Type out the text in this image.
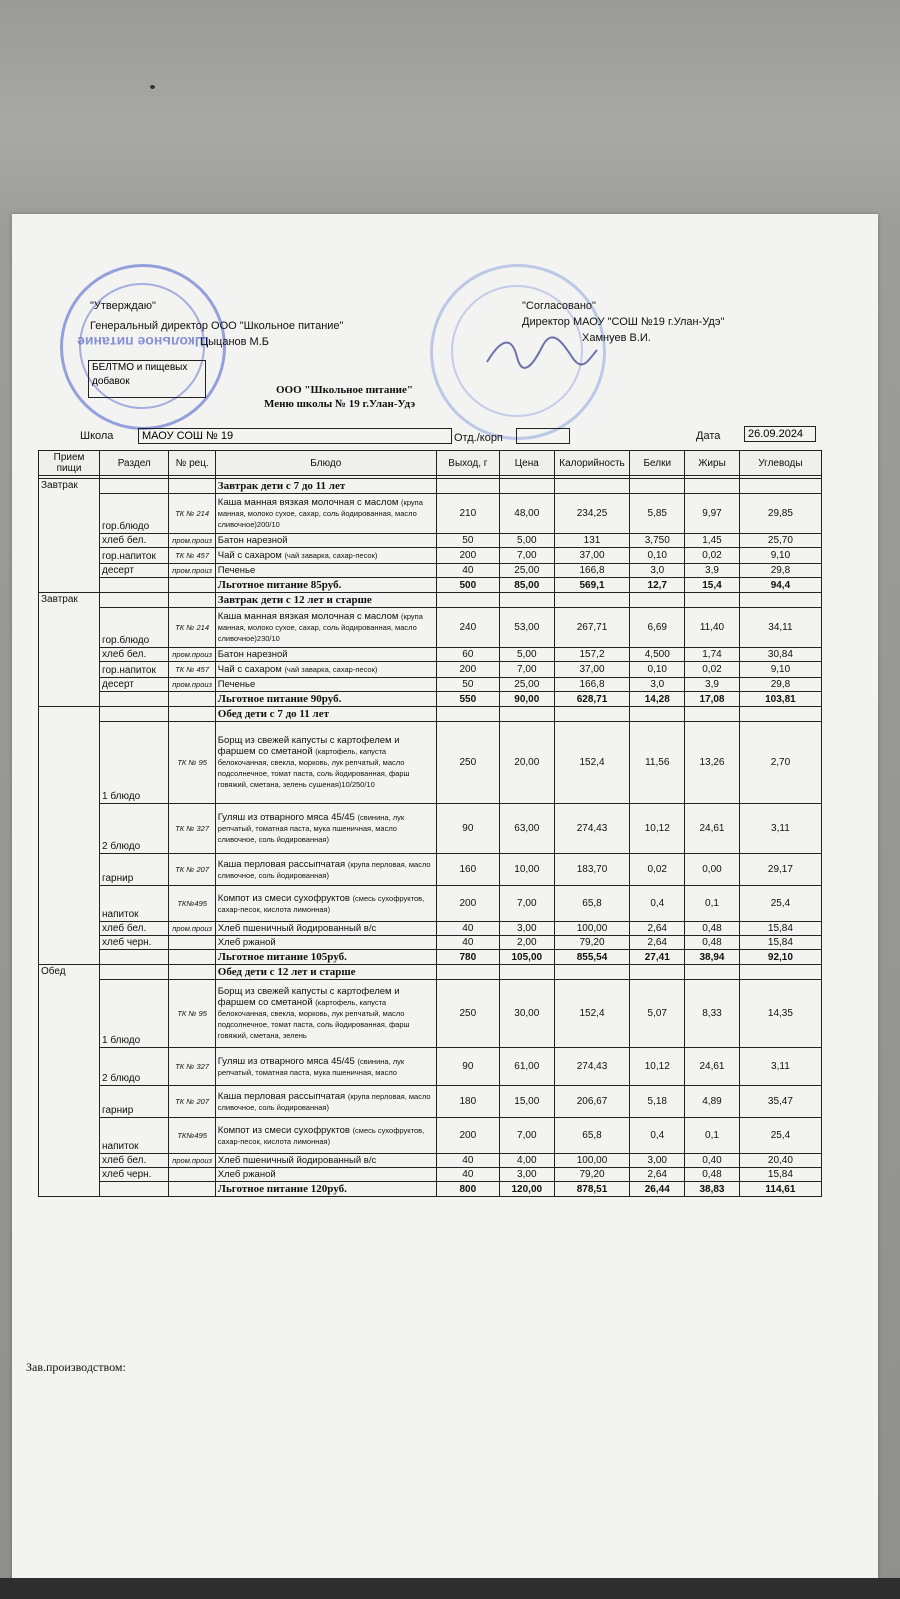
Школьное питание
"Утверждаю"
Генеральный директор ООО "Школьное питание"
Цыцанов М.Б
"Согласовано"
Директор МАОУ "СОШ №19 г.Улан-Удэ"
Хамнуев В.И.
БЕЛТМО и пищевых добавок
ООО "Школьное питание"
Меню школы № 19 г.Улан-Удэ
Школа	МАОУ СОШ № 19	Отд./корп	Дата	26.09.2024
Прием пищи	Раздел	№ рец.	Блюдо	Выход, г	Цена	Калорийность	Белки	Жиры	Углеводы

Завтрак			Завтрак дети с 7 до 11 лет						
	гор.блюдо	ТК № 214	Каша манная вязкая молочная с маслом (крупа манная, молоко сухое, сахар, соль йодированная, масло сливочное)200/10	210	48,00	234,25	5,85	9,97	29,85
	хлеб бел.	пром.произ	Батон нарезной	50	5,00	131	3,750	1,45	25,70
	гор.напиток	ТК № 457	Чай с сахаром (чай заварка, сахар-песок)	200	7,00	37,00	0,10	0,02	9,10
	десерт	пром.произ	Печенье	40	25,00	166,8	3,0	3,9	29,8
			Льготное питание 85руб.	500	85,00	569,1	12,7	15,4	94,4
Завтрак			Завтрак дети с 12 лет и старше						
	гор.блюдо	ТК № 214	Каша манная вязкая молочная с маслом (крупа манная, молоко сухое, сахар, соль йодированная, масло сливочное)230/10	240	53,00	267,71	6,69	11,40	34,11
	хлеб бел.	пром.произ	Батон нарезной	60	5,00	157,2	4,500	1,74	30,84
	гор.напиток	ТК № 457	Чай с сахаром (чай заварка, сахар-песок)	200	7,00	37,00	0,10	0,02	9,10
	десерт	пром.произ	Печенье	50	25,00	166,8	3,0	3,9	29,8
			Льготное питание 90руб.	550	90,00	628,71	14,28	17,08	103,81
			Обед дети с 7 до 11 лет						
	1 блюдо	ТК № 95	Борщ из свежей капусты с картофелем и фаршем со сметаной (картофель, капуста белокочанная, свекла, морковь, лук репчатый, масло подсолнечное, томат паста, соль йодированная, фарш говяжий, сметана, зелень сушеная)10/250/10	250	20,00	152,4	11,56	13,26	2,70
	2 блюдо	ТК № 327	Гуляш из отварного мяса 45/45 (свинина, лук репчатый, томатная паста, мука пшеничная, масло сливочное, соль йодированная)	90	63,00	274,43	10,12	24,61	3,11
	гарнир	ТК № 207	Каша перловая рассыпчатая (крупа перловая, масло сливочное, соль йодированная)	160	10,00	183,70	0,02	0,00	29,17
	напиток	ТК№495	Компот из смеси сухофруктов (смесь сухофруктов, сахар-песок, кислота лимонная)	200	7,00	65,8	0,4	0,1	25,4
	хлеб бел.	пром.произ	Хлеб пшеничный йодированный в/с	40	3,00	100,00	2,64	0,48	15,84
	хлеб черн.		Хлеб ржаной	40	2,00	79,20	2,64	0,48	15,84
			Льготное питание 105руб.	780	105,00	855,54	27,41	38,94	92,10
Обед			Обед дети с 12 лет и старше						
	1 блюдо	ТК № 95	Борщ из свежей капусты с картофелем и фаршем со сметаной (картофель, капуста белокочанная, свекла, морковь, лук репчатый, масло подсолнечное, томат паста, соль йодированная, фарш говяжий, сметана, зелень	250	30,00	152,4	5,07	8,33	14,35
	2 блюдо	ТК № 327	Гуляш из отварного мяса 45/45 (свинина, лук репчатый, томатная паста, мука пшеничная, масло	90	61,00	274,43	10,12	24,61	3,11
	гарнир	ТК № 207	Каша перловая рассыпчатая (крупа перловая, масло сливочное, соль йодированная)	180	15,00	206,67	5,18	4,89	35,47
	напиток	ТК№495	Компот из смеси сухофруктов (смесь сухофруктов, сахар-песок, кислота лимонная)	200	7,00	65,8	0,4	0,1	25,4
	хлеб бел.	пром.произ	Хлеб пшеничный йодированный в/с	40	4,00	100,00	3,00	0,40	20,40
	хлеб черн.		Хлеб ржаной	40	3,00	79,20	2,64	0,48	15,84
			Льготное питание 120руб.	800	120,00	878,51	26,44	38,83	114,61
Зав.производством:
